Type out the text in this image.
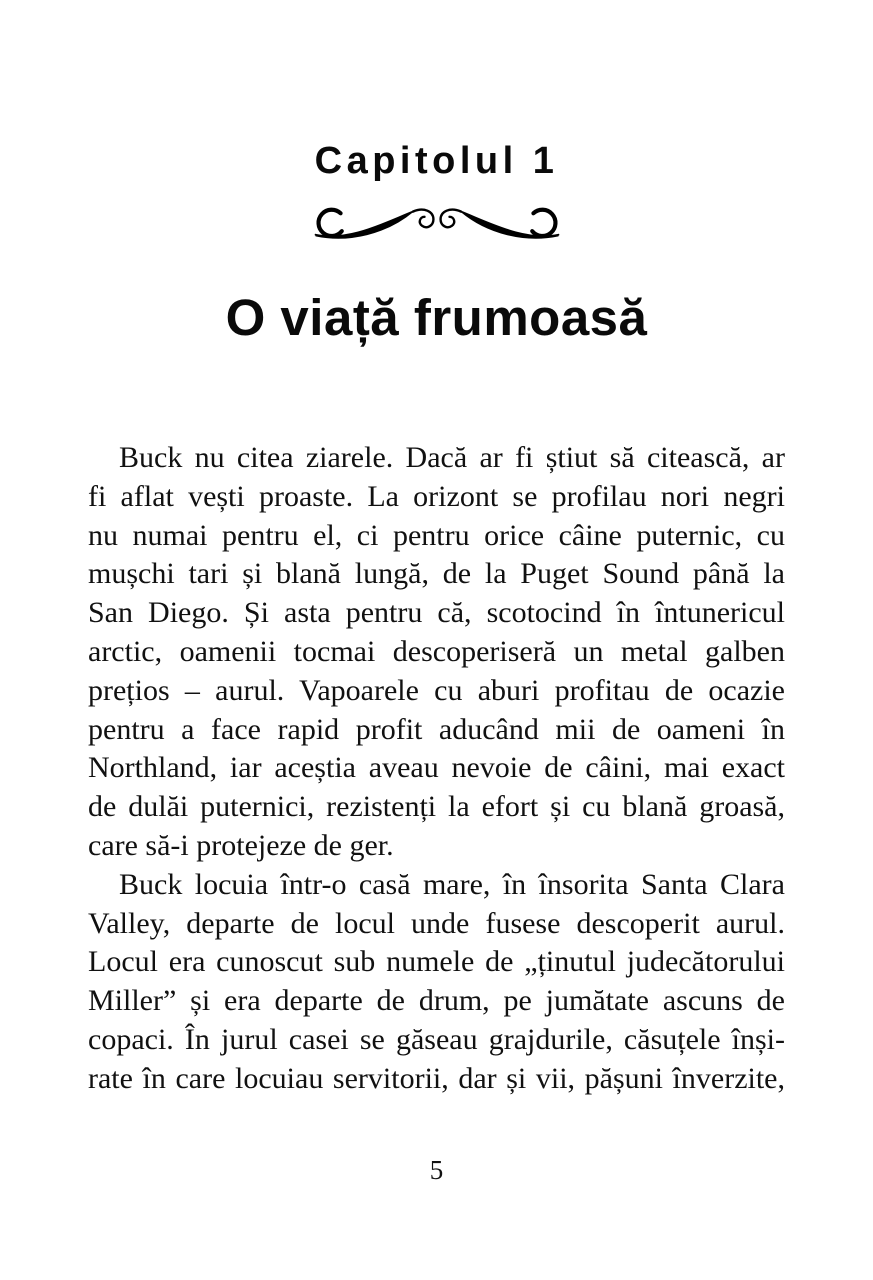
Capitolul 1
O viață frumoasă
Buck nu citea ziarele. Dacă ar fi știut să citească, ar
fi aflat vești proaste. La orizont se profilau nori negri
nu numai pentru el, ci pentru orice câine puternic, cu
mușchi tari și blană lungă, de la Puget Sound până la
San Diego. Și asta pentru că, scotocind în întunericul
arctic, oamenii tocmai descoperiseră un metal galben
prețios – aurul. Vapoarele cu aburi profitau de ocazie
pentru a face rapid profit aducând mii de oameni în
Northland, iar aceștia aveau nevoie de câini, mai exact
de dulăi puternici, rezistenți la efort și cu blană groasă,
care să-i protejeze de ger.
Buck locuia într-o casă mare, în însorita Santa Clara
Valley, departe de locul unde fusese descoperit aurul.
Locul era cunoscut sub numele de „ținutul judecătorului
Miller” și era departe de drum, pe jumătate ascuns de
copaci. În jurul casei se găseau grajdurile, căsuțele înși-
rate în care locuiau servitorii, dar și vii, pășuni înverzite,
5
